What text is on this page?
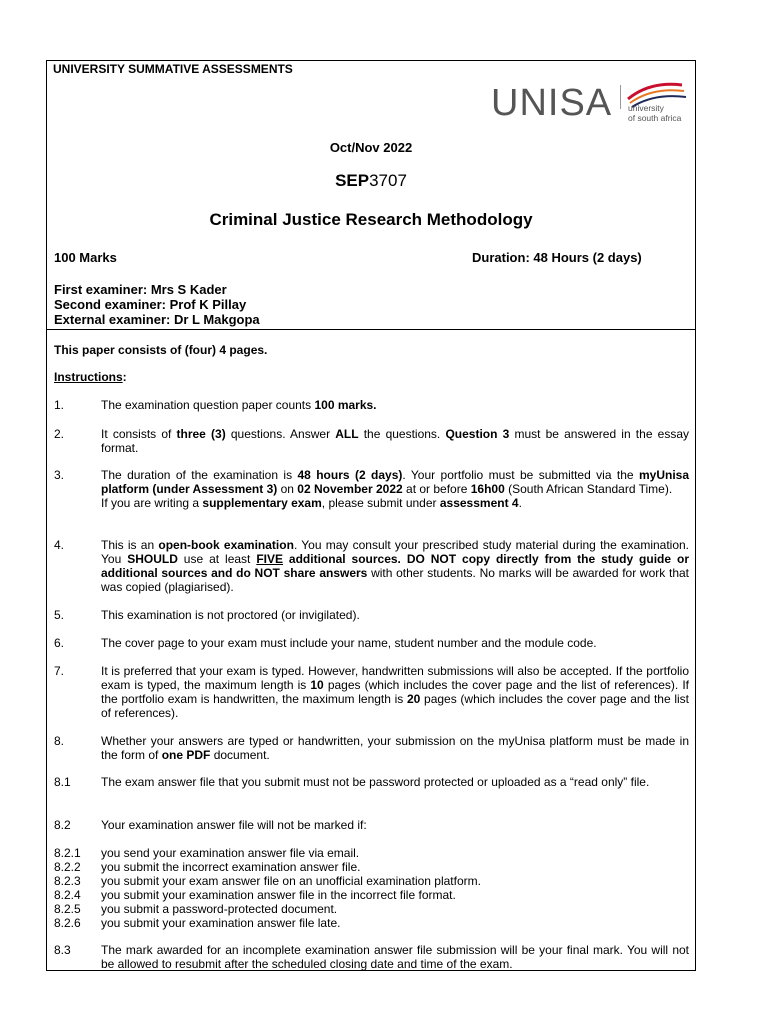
UNIVERSITY SUMMATIVE ASSESSMENTS
UNISA university
of south africa
Oct/Nov 2022
SEP3707
Criminal Justice Research Methodology
100 Marks	Duration: 48 Hours (2 days)
First examiner: Mrs S Kader
Second examiner: Prof K Pillay
External examiner: Dr L Makgopa
This paper consists of (four) 4 pages.
Instructions:
1.	The examination question paper counts 100 marks.
2.	It consists of three (3) questions. Answer ALL the questions. Question 3 must be answered in the essay format.
3.	The duration of the examination is 48 hours (2 days). Your portfolio must be submitted via the myUnisa platform (under Assessment 3) on 02 November 2022 at or before 16h00 (South African Standard Time).
If you are writing a supplementary exam, please submit under assessment 4.
4.	This is an open-book examination. You may consult your prescribed study material during the examination. You SHOULD use at least FIVE additional sources. DO NOT copy directly from the study guide or additional sources and do NOT share answers with other students. No marks will be awarded for work that was copied (plagiarised).
5.	This examination is not proctored (or invigilated).
6.	The cover page to your exam must include your name, student number and the module code.
7.	It is preferred that your exam is typed. However, handwritten submissions will also be accepted. If the portfolio exam is typed, the maximum length is 10 pages (which includes the cover page and the list of references). If the portfolio exam is handwritten, the maximum length is 20 pages (which includes the cover page and the list of references).
8.	Whether your answers are typed or handwritten, your submission on the myUnisa platform must be made in the form of one PDF document.
8.1	The exam answer file that you submit must not be password protected or uploaded as a “read only” file.
8.2	Your examination answer file will not be marked if:
8.2.1	you send your examination answer file via email.
8.2.2	you submit the incorrect examination answer file.
8.2.3	you submit your exam answer file on an unofficial examination platform.
8.2.4	you submit your examination answer file in the incorrect file format.
8.2.5	you submit a password-protected document.
8.2.6	you submit your examination answer file late.
8.3	The mark awarded for an incomplete examination answer file submission will be your final mark. You will not be allowed to resubmit after the scheduled closing date and time of the exam.
